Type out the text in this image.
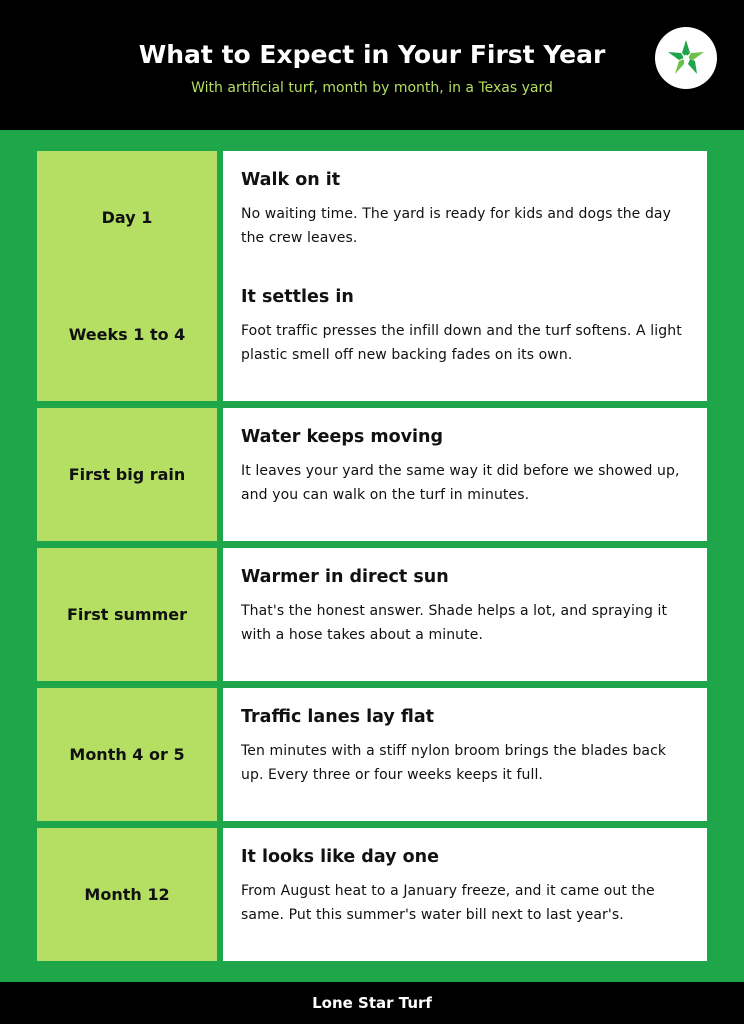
What to Expect in Your First Year
With artificial turf, month by month, in a Texas yard
Day 1
Walk on it
No waiting time. The yard is ready for kids and dogs the day the crew leaves.
Weeks 1 to 4
It settles in
Foot traffic presses the infill down and the turf softens. A light plastic smell off new backing fades on its own.
First big rain
Water keeps moving
It leaves your yard the same way it did before we showed up, and you can walk on the turf in minutes.
First summer
Warmer in direct sun
That's the honest answer. Shade helps a lot, and spraying it with a hose takes about a minute.
Month 4 or 5
Traffic lanes lay flat
Ten minutes with a stiff nylon broom brings the blades back up. Every three or four weeks keeps it full.
Month 12
It looks like day one
From August heat to a January freeze, and it came out the same. Put this summer's water bill next to last year's.
Lone Star Turf
